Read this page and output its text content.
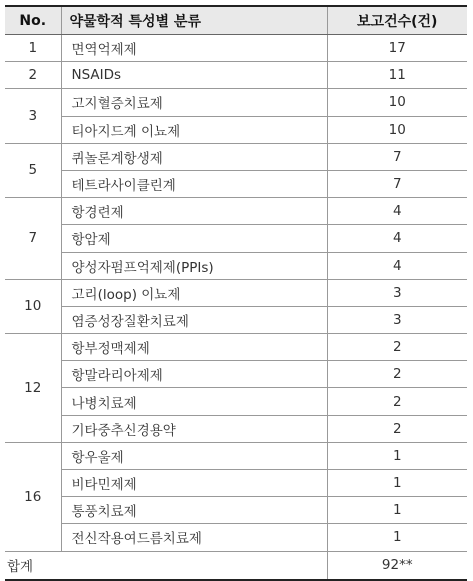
No.	약물학적 특성별 분류	보고건수(건)
1	면역억제제	17
2	NSAIDs	11
3	고지혈증치료제	10
	티아지드계 이뇨제	10
5	퀴놀론계항생제	7
	테트라사이클린계	7
7	항경련제	4
	항암제	4
	양성자펌프억제제(PPIs)	4
10	고리(loop) 이뇨제	3
	염증성장질환치료제	3
12	항부정맥제제	2
	항말라리아제제	2
	나병치료제	2
	기타중추신경용약	2
16	항우울제	1
	비타민제제	1
	통풍치료제	1
	전신작용여드름치료제	1
합계		92**
